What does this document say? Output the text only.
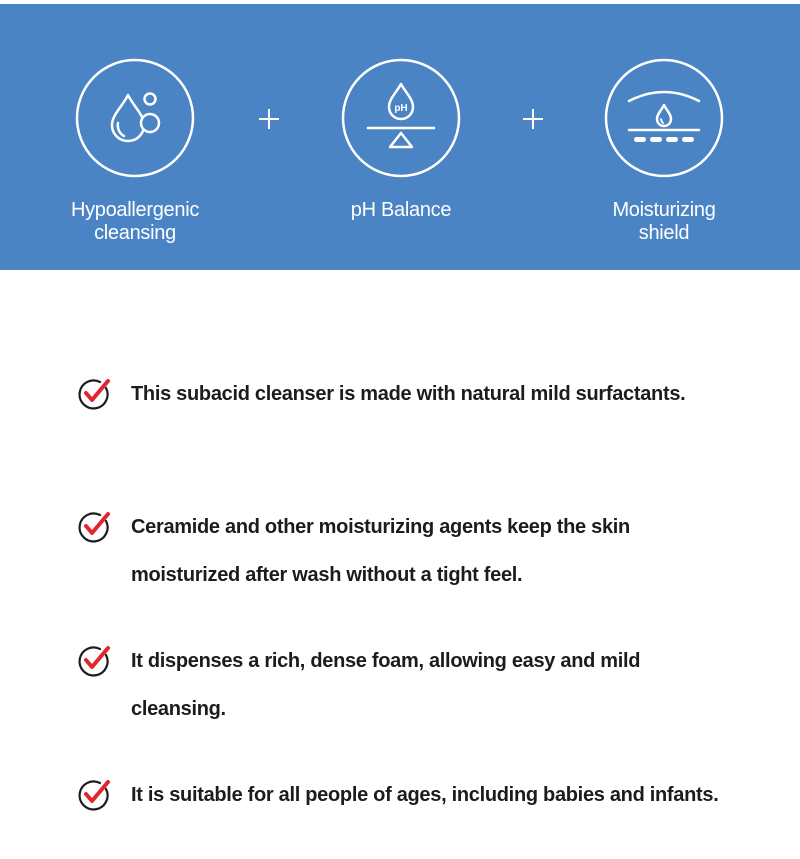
pH
Hypoallergenic
cleansing
pH Balance	Moisturizing
shield
This subacid cleanser is made with natural mild surfactants.
Ceramide and other moisturizing agents keep the skin moisturized after wash without a tight feel.
It dispenses a rich, dense foam, allowing easy and mild cleansing.
It is suitable for all people of ages, including babies and infants.
